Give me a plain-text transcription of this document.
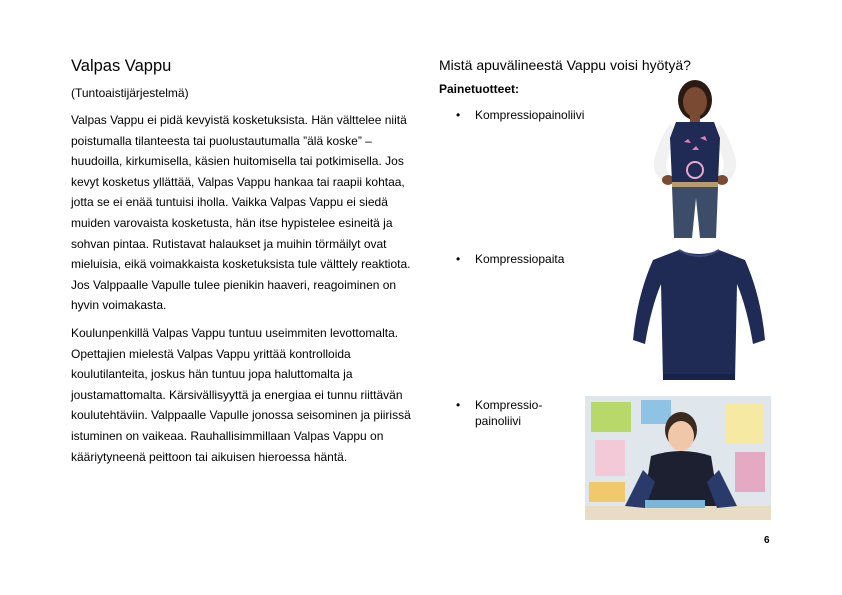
Valpas Vappu

(Tuntoaistijärjestelmä)

Valpas Vappu ei pidä kevyistä kosketuksista. Hän välttelee niitä poistumalla tilanteesta tai puolustautumalla ”älä koske” – huudoilla, kirkumisella, käsien huitomisella tai potkimisella. Jos kevyt kosketus yllättää, Valpas Vappu hankaa tai raapii kohtaa, jotta se ei enää tuntuisi iholla. Vaikka Valpas Vappu ei siedä muiden varovaista kosketusta, hän itse hypistelee esineitä ja sohvan pintaa. Rutistavat halaukset ja muihin törmäilyt ovat mieluisia, eikä voimakkaista kosketuksista tule välttely reaktiota. Jos Valppaalle Vapulle tulee pienikin haaveri, reagoiminen on hyvin voimakasta.

Koulunpenkillä Valpas Vappu tuntuu useimmiten levottomalta. Opettajien mielestä Valpas Vappu yrittää kontrolloida koulutilanteita, joskus hän tuntuu jopa haluttomalta ja joustamattomalta. Kärsivällisyyttä ja energiaa ei tunnu riittävän koulutehtäviin. Valppaalle Vapulle jonossa seisominen ja piirissä istuminen on vaikeaa. Rauhallisimmillaan Valpas Vappu on kääriytyneenä peittoon tai aikuisen hieroessa häntä.

Mistä apuvälineestä Vappu voisi hyötyä?
Painetuotteet:
• Kompressiopainoliivi
• Kompressiopaita
• Kompressio-
painoliivi
6
